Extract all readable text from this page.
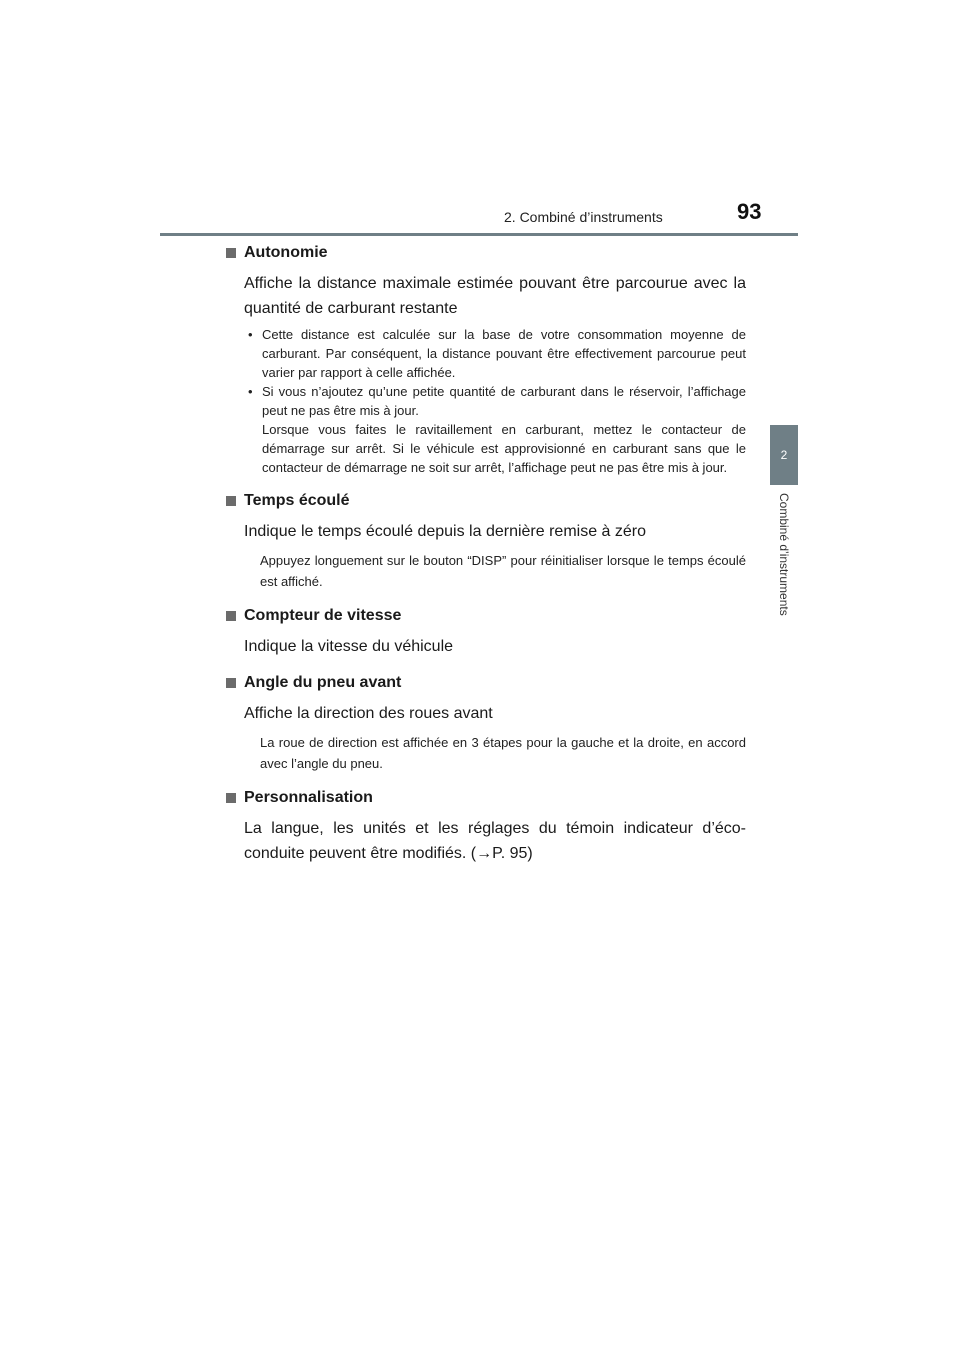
2. Combiné d’instruments	93
2
Combiné d’instruments
Autonomie
Affiche la distance maximale estimée pouvant être parcourue avec la quantité de carburant restante
• Cette distance est calculée sur la base de votre consommation moyenne de carburant. Par conséquent, la distance pouvant être effectivement parcourue peut varier par rapport à celle affichée.
• Si vous n’ajoutez qu’une petite quantité de carburant dans le réservoir, l’affichage peut ne pas être mis à jour.
Lorsque vous faites le ravitaillement en carburant, mettez le contacteur de démarrage sur arrêt. Si le véhicule est approvisionné en carburant sans que le contacteur de démarrage ne soit sur arrêt, l’affichage peut ne pas être mis à jour.
Temps écoulé
Indique le temps écoulé depuis la dernière remise à zéro
Appuyez longuement sur le bouton “DISP” pour réinitialiser lorsque le temps écoulé est affiché.
Compteur de vitesse
Indique la vitesse du véhicule
Angle du pneu avant
Affiche la direction des roues avant
La roue de direction est affichée en 3 étapes pour la gauche et la droite, en accord avec l’angle du pneu.
Personnalisation
La langue, les unités et les réglages du témoin indicateur d’éco-conduite peuvent être modifiés. (→P. 95)
